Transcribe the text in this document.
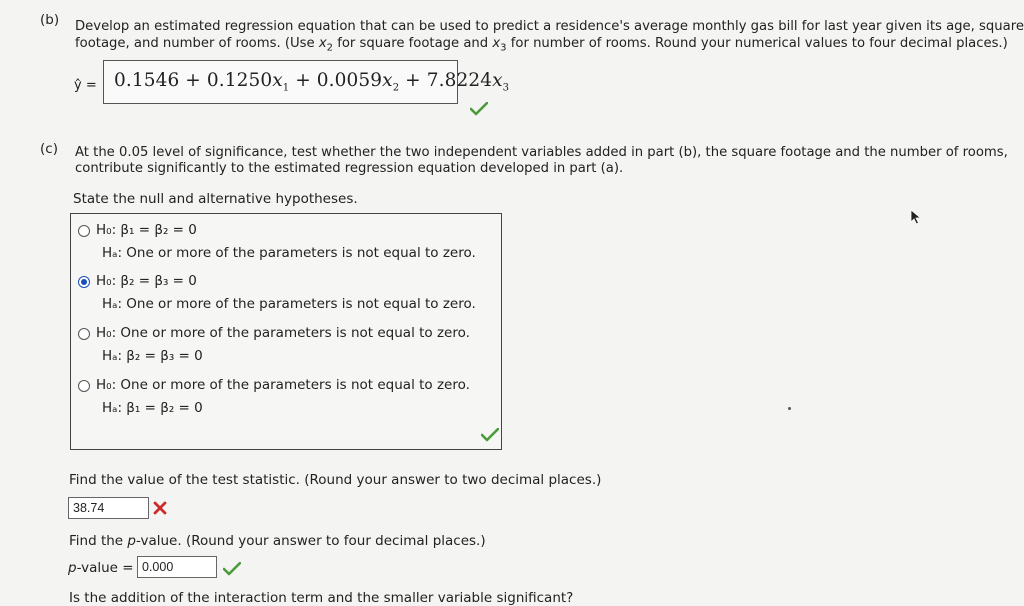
(b) Develop an estimated regression equation that can be used to predict a residence's average monthly gas bill for last year given its age, square
footage, and number of rooms. (Use $x_2$ for square footage and $x_3$ for number of rooms. Round your numerical values to four decimal places.)
ŷ = $0.1546 + 0.1250x_1 + 0.0059x_2 + 7.8224x_3$
(c) At the 0.05 level of significance, test whether the two independent variables added in part (b), the square footage and the number of rooms,
contribute significantly to the estimated regression equation developed in part (a).
State the null and alternative hypotheses.
H₀: β₁ = β₂ = 0
Hₐ: One or more of the parameters is not equal to zero.
H₀: β₂ = β₃ = 0
Hₐ: One or more of the parameters is not equal to zero.
H₀: One or more of the parameters is not equal to zero.
Hₐ: β₂ = β₃ = 0
H₀: One or more of the parameters is not equal to zero.
Hₐ: β₁ = β₂ = 0
Find the value of the test statistic. (Round your answer to two decimal places.)
38.74
Find the p-value. (Round your answer to four decimal places.)
p-value = 0.000
Is the addition of the interaction term and the smaller variable significant?
